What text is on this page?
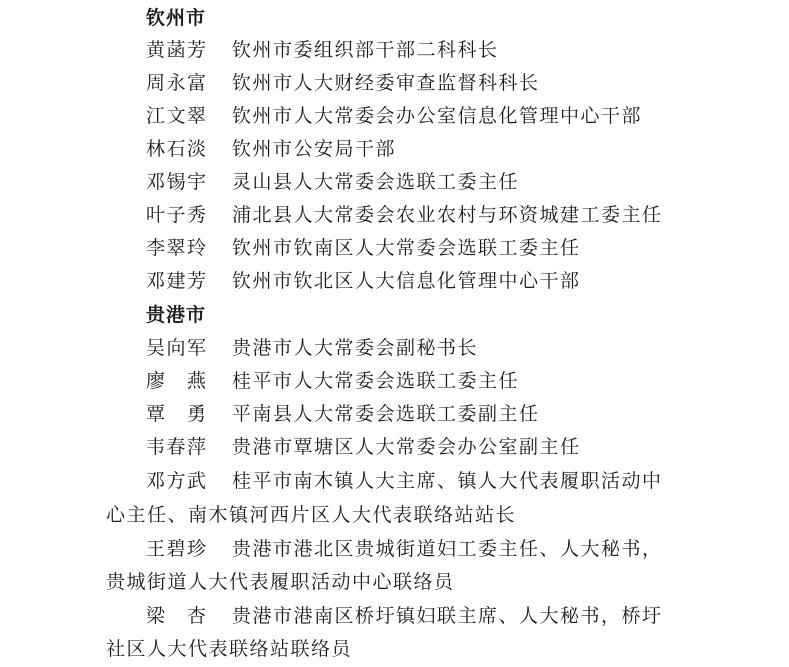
钦州市
黄菡芳 钦州市委组织部干部二科科长
周永富 钦州市人大财经委审查监督科科长
江文翠 钦州市人大常委会办公室信息化管理中心干部
林石淡 钦州市公安局干部
邓锡宇 灵山县人大常委会选联工委主任
叶子秀 浦北县人大常委会农业农村与环资城建工委主任
李翠玲 钦州市钦南区人大常委会选联工委主任
邓建芳 钦州市钦北区人大信息化管理中心干部
贵港市
吴向军 贵港市人大常委会副秘书长
廖　燕 桂平市人大常委会选联工委主任
覃　勇 平南县人大常委会选联工委副主任
韦春萍 贵港市覃塘区人大常委会办公室副主任
邓方武 桂平市南木镇人大主席、镇人大代表履职活动中
心主任、南木镇河西片区人大代表联络站站长
王碧珍 贵港市港北区贵城街道妇工委主任、人大秘书，
贵城街道人大代表履职活动中心联络员
梁　杏 贵港市港南区桥圩镇妇联主席、人大秘书，桥圩
社区人大代表联络站联络员
